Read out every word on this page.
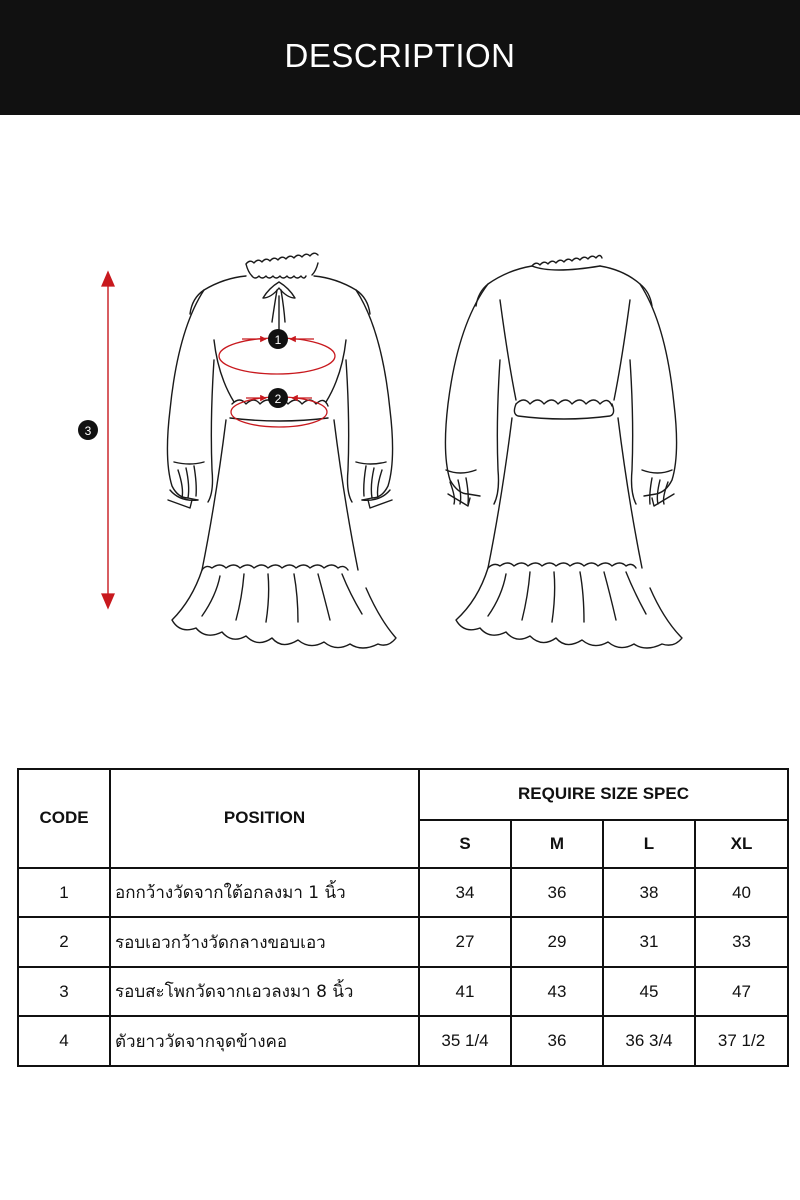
DESCRIPTION
1
2
3
CODE	POSITION	REQUIRE SIZE SPEC			
		S	M	L	XL
1	อกกว้างวัดจากใต้อกลงมา 1 นิ้ว	34	36	38	40
2	รอบเอวกว้างวัดกลางขอบเอว	27	29	31	33
3	รอบสะโพกวัดจากเอวลงมา 8 นิ้ว	41	43	45	47
4	ตัวยาววัดจากจุดข้างคอ	35 1/4	36	36 3/4	37 1/2
